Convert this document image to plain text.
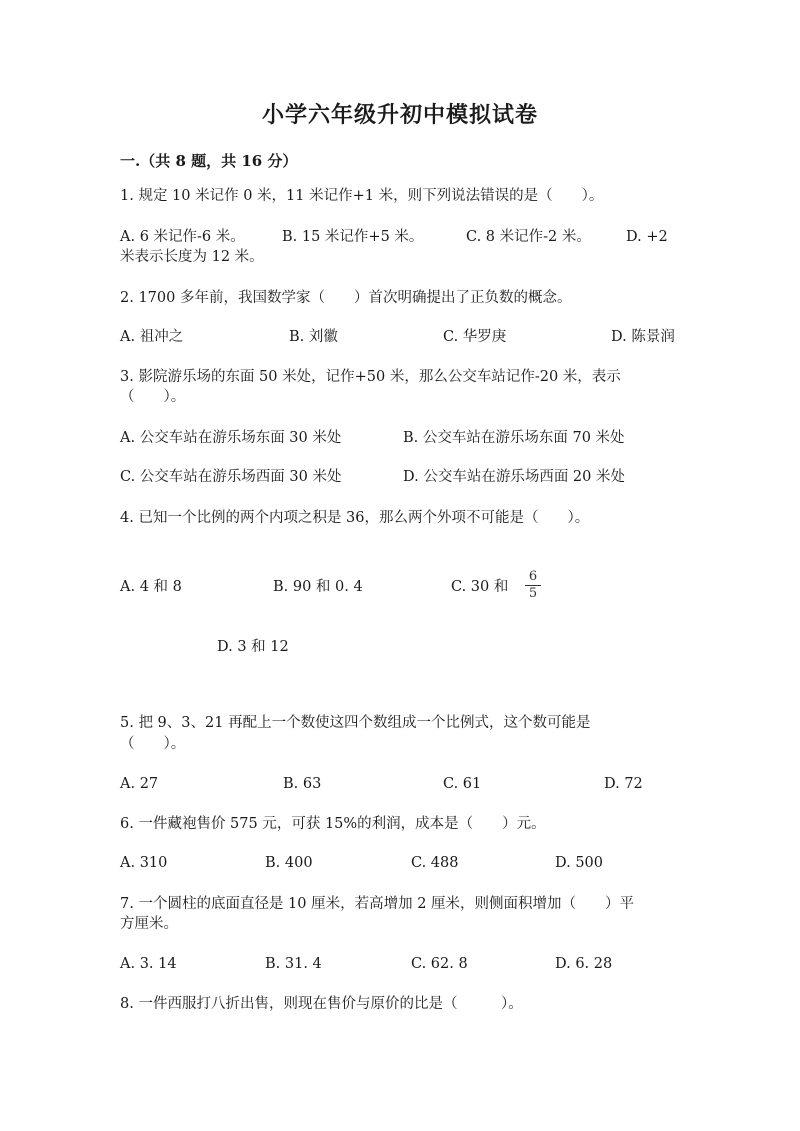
小学六年级升初中模拟试卷
一.（共 8 题，共 16 分）
1. 规定 10 米记作 0 米，11 米记作+1 米，则下列说法错误的是（　　）。
A. 6 米记作-6 米。	B. 15 米记作+5 米。	C. 8 米记作-2 米。 D. +2
米表示长度为 12 米。
2. 1700 多年前，我国数学家（　　）首次明确提出了正负数的概念。
A. 祖冲之	B. 刘徽	C. 华罗庚	D. 陈景润
3. 影院游乐场的东面 50 米处，记作+50 米，那么公交车站记作-20 米，表示
（　　）。
A. 公交车站在游乐场东面 30 米处	B. 公交车站在游乐场东面 70 米处
C. 公交车站在游乐场西面 30 米处	D. 公交车站在游乐场西面 20 米处
4. 已知一个比例的两个内项之积是 36，那么两个外项不可能是（　　）。
A. 4 和 8	B. 90 和 0. 4	C. 30 和
6
5
D. 3 和 12
5. 把 9、3、21 再配上一个数使这四个数组成一个比例式，这个数可能是
（　　）。
A. 27	B. 63	C. 61	D. 72
6. 一件藏袍售价 575 元，可获 15%的利润，成本是（　　）元。
A. 310	B. 400	C. 488	D. 500
7. 一个圆柱的底面直径是 10 厘米，若高增加 2 厘米，则侧面积增加（　　）平
方厘米。
A. 3. 14	B. 31. 4	C. 62. 8	D. 6. 28
8. 一件西服打八折出售，则现在售价与原价的比是（　　　）。
